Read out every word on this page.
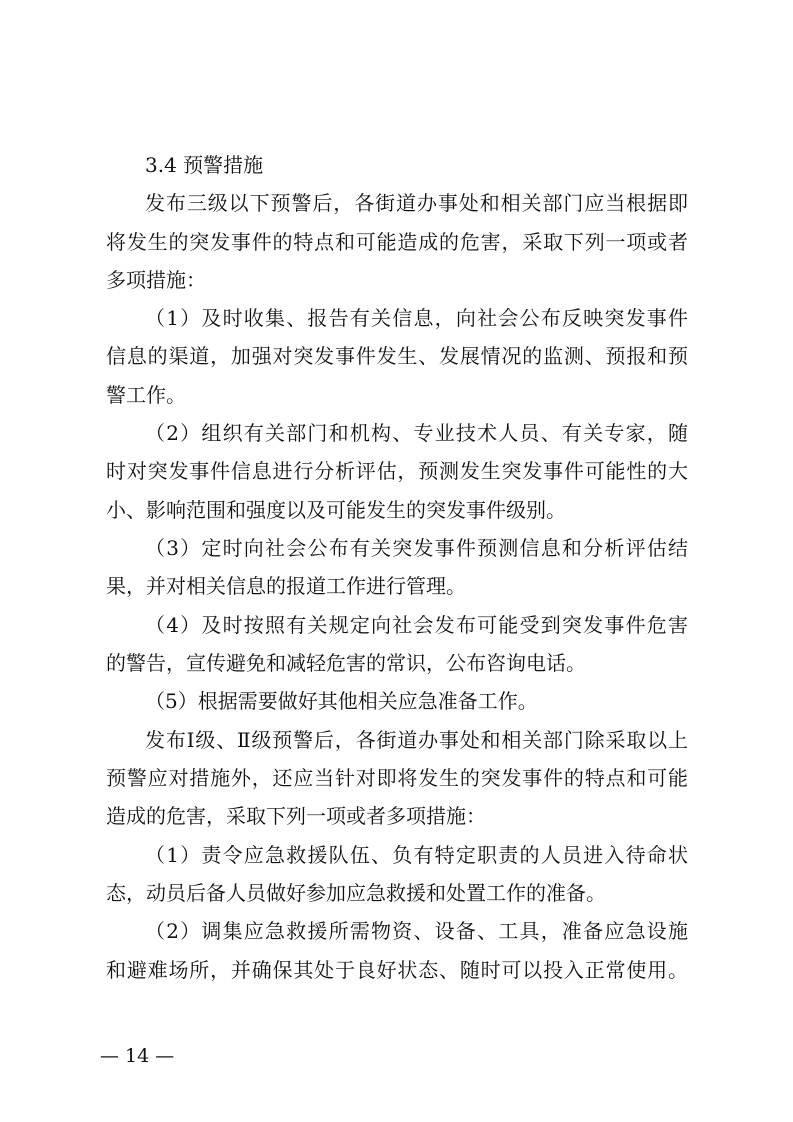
3.4 预警措施
发布三级以下预警后，各街道办事处和相关部门应当根据即
将发生的突发事件的特点和可能造成的危害，采取下列一项或者
多项措施：
（1）及时收集、报告有关信息，向社会公布反映突发事件
信息的渠道，加强对突发事件发生、发展情况的监测、预报和预
警工作。
（2）组织有关部门和机构、专业技术人员、有关专家，随
时对突发事件信息进行分析评估，预测发生突发事件可能性的大
小、影响范围和强度以及可能发生的突发事件级别。
（3）定时向社会公布有关突发事件预测信息和分析评估结
果，并对相关信息的报道工作进行管理。
（4）及时按照有关规定向社会发布可能受到突发事件危害
的警告，宣传避免和减轻危害的常识，公布咨询电话。
（5）根据需要做好其他相关应急准备工作。
发布Ⅰ级、Ⅱ级预警后，各街道办事处和相关部门除采取以上
预警应对措施外，还应当针对即将发生的突发事件的特点和可能
造成的危害，采取下列一项或者多项措施：
（1）责令应急救援队伍、负有特定职责的人员进入待命状
态，动员后备人员做好参加应急救援和处置工作的准备。
（2）调集应急救援所需物资、设备、工具，准备应急设施
和避难场所，并确保其处于良好状态、随时可以投入正常使用。
— 14 —
